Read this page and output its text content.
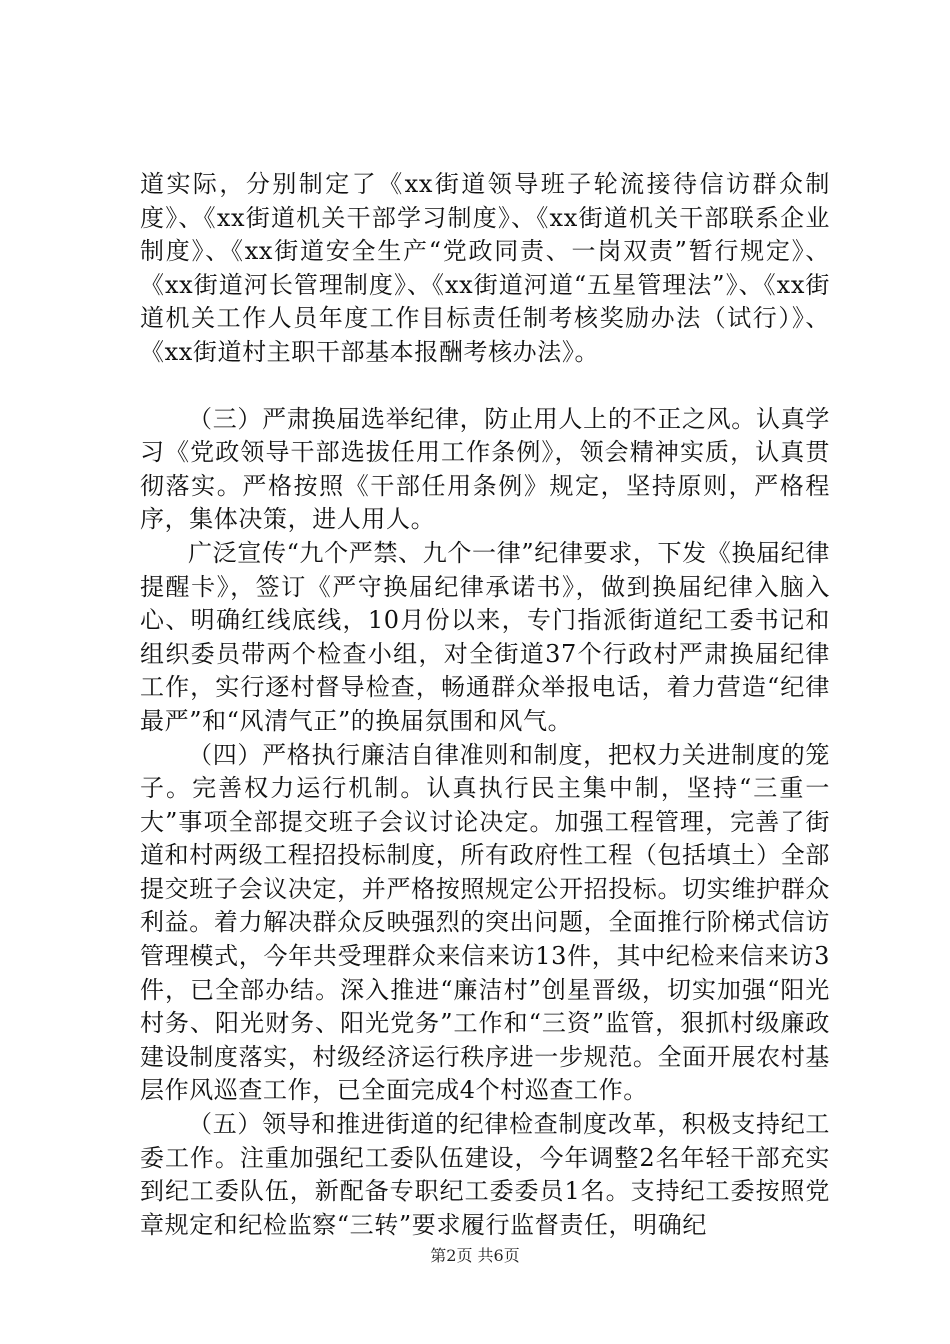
道实际，分别制定了《xx街道领导班子轮流接待信访群众制度》、《xx街道机关干部学习制度》、《xx街道机关干部联系企业制度》、《xx街道安全生产“党政同责、一岗双责”暂行规定》、《xx街道河长管理制度》、《xx街道河道“五星管理法”》、《xx街道机关工作人员年度工作目标责任制考核奖励办法（试行）》、《xx街道村主职干部基本报酬考核办法》。

（三）严肃换届选举纪律，防止用人上的不正之风。认真学习《党政领导干部选拔任用工作条例》，领会精神实质，认真贯彻落实。严格按照《干部任用条例》规定，坚持原则，严格程序，集体决策，进人用人。

广泛宣传“九个严禁、九个一律”纪律要求，下发《换届纪律提醒卡》，签订《严守换届纪律承诺书》，做到换届纪律入脑入心、明确红线底线，10月份以来，专门指派街道纪工委书记和组织委员带两个检查小组，对全街道37个行政村严肃换届纪律工作，实行逐村督导检查，畅通群众举报电话，着力营造“纪律最严”和“风清气正”的换届氛围和风气。

（四）严格执行廉洁自律准则和制度，把权力关进制度的笼子。完善权力运行机制。认真执行民主集中制，坚持“三重一大”事项全部提交班子会议讨论决定。加强工程管理，完善了街道和村两级工程招投标制度，所有政府性工程（包括填土）全部提交班子会议决定，并严格按照规定公开招投标。切实维护群众利益。着力解决群众反映强烈的突出问题，全面推行阶梯式信访管理模式，今年共受理群众来信来访13件，其中纪检来信来访3件，已全部办结。深入推进“廉洁村”创星晋级，切实加强“阳光村务、阳光财务、阳光党务”工作和“三资”监管，狠抓村级廉政建设制度落实，村级经济运行秩序进一步规范。全面开展农村基层作风巡查工作，已全面完成4个村巡查工作。

（五）领导和推进街道的纪律检查制度改革，积极支持纪工委工作。注重加强纪工委队伍建设，今年调整2名年轻干部充实到纪工委队伍，新配备专职纪工委委员1名。支持纪工委按照党章规定和纪检监察“三转”要求履行监督责任，明确纪

第2页 共6页
